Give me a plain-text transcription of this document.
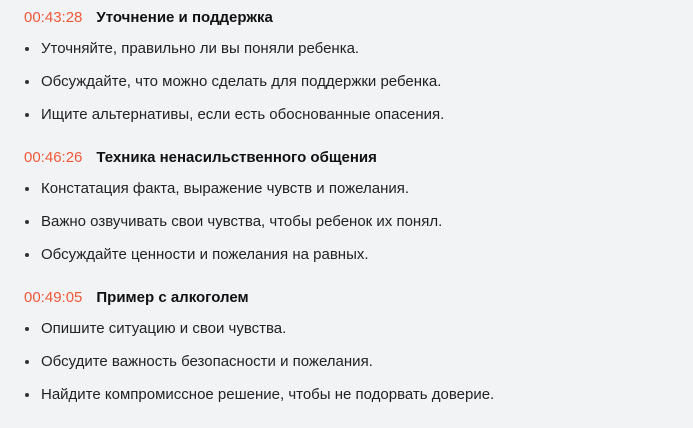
00:43:28 Уточнение и поддержка
Уточняйте, правильно ли вы поняли ребенка.
Обсуждайте, что можно сделать для поддержки ребенка.
Ищите альтернативы, если есть обоснованные опасения.
00:46:26 Техника ненасильственного общения
Констатация факта, выражение чувств и пожелания.
Важно озвучивать свои чувства, чтобы ребенок их понял.
Обсуждайте ценности и пожелания на равных.
00:49:05 Пример с алкоголем
Опишите ситуацию и свои чувства.
Обсудите важность безопасности и пожелания.
Найдите компромиссное решение, чтобы не подорвать доверие.
